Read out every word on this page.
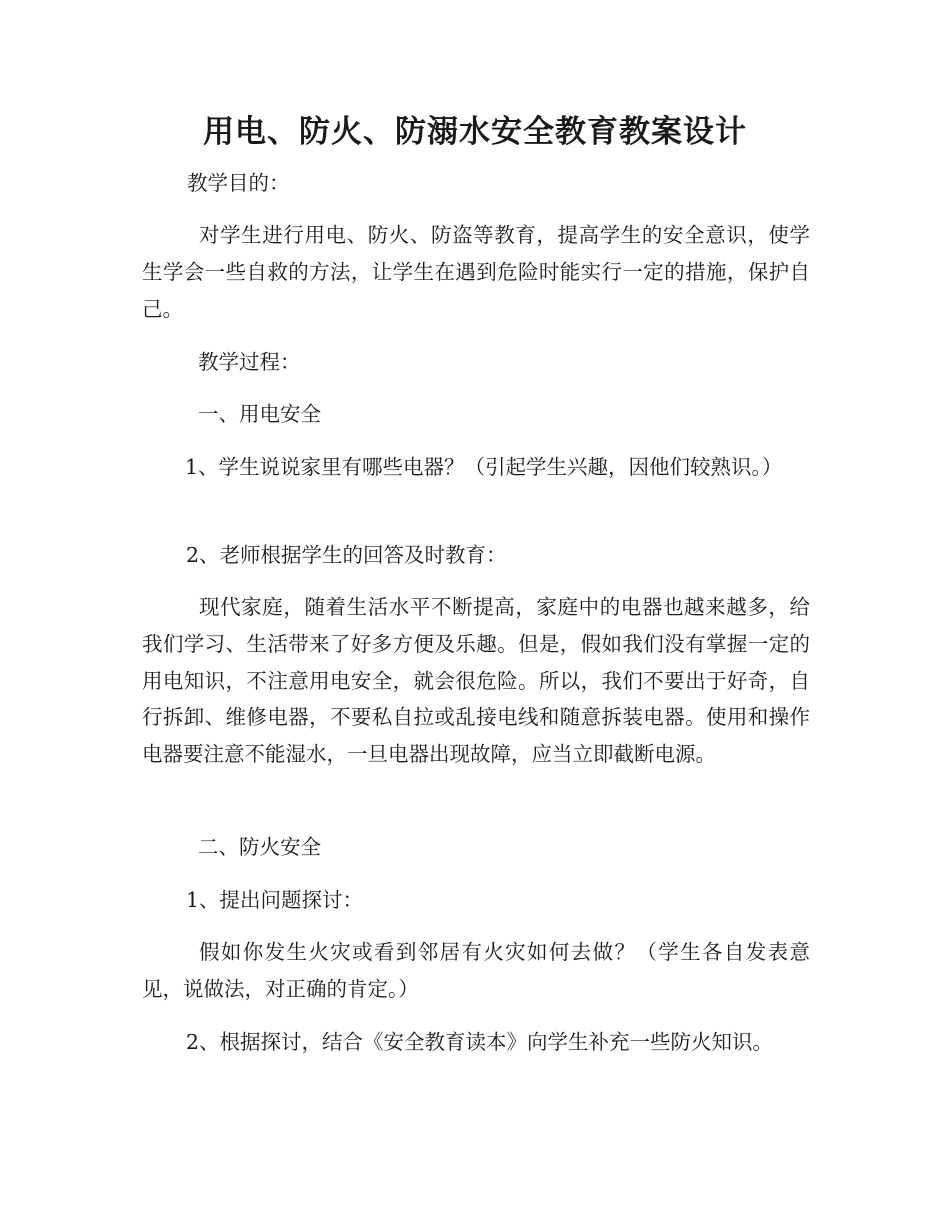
用电、防火、防溺水安全教育教案设计

教学目的：

对学生进行用电、防火、防盗等教育，提高学生的安全意识，使学生学会一些自救的方法，让学生在遇到危险时能实行一定的措施，保护自己。

教学过程：

一、用电安全

1、学生说说家里有哪些电器？（引起学生兴趣，因他们较熟识。）

2、老师根据学生的回答及时教育：

现代家庭，随着生活水平不断提高，家庭中的电器也越来越多，给我们学习、生活带来了好多方便及乐趣。但是，假如我们没有掌握一定的用电知识，不注意用电安全，就会很危险。所以，我们不要出于好奇，自行拆卸、维修电器，不要私自拉或乱接电线和随意拆装电器。使用和操作电器要注意不能湿水，一旦电器出现故障，应当立即截断电源。

二、防火安全

1、提出问题探讨：

假如你发生火灾或看到邻居有火灾如何去做？（学生各自发表意见，说做法，对正确的肯定。）

2、根据探讨，结合《安全教育读本》向学生补充一些防火知识。
